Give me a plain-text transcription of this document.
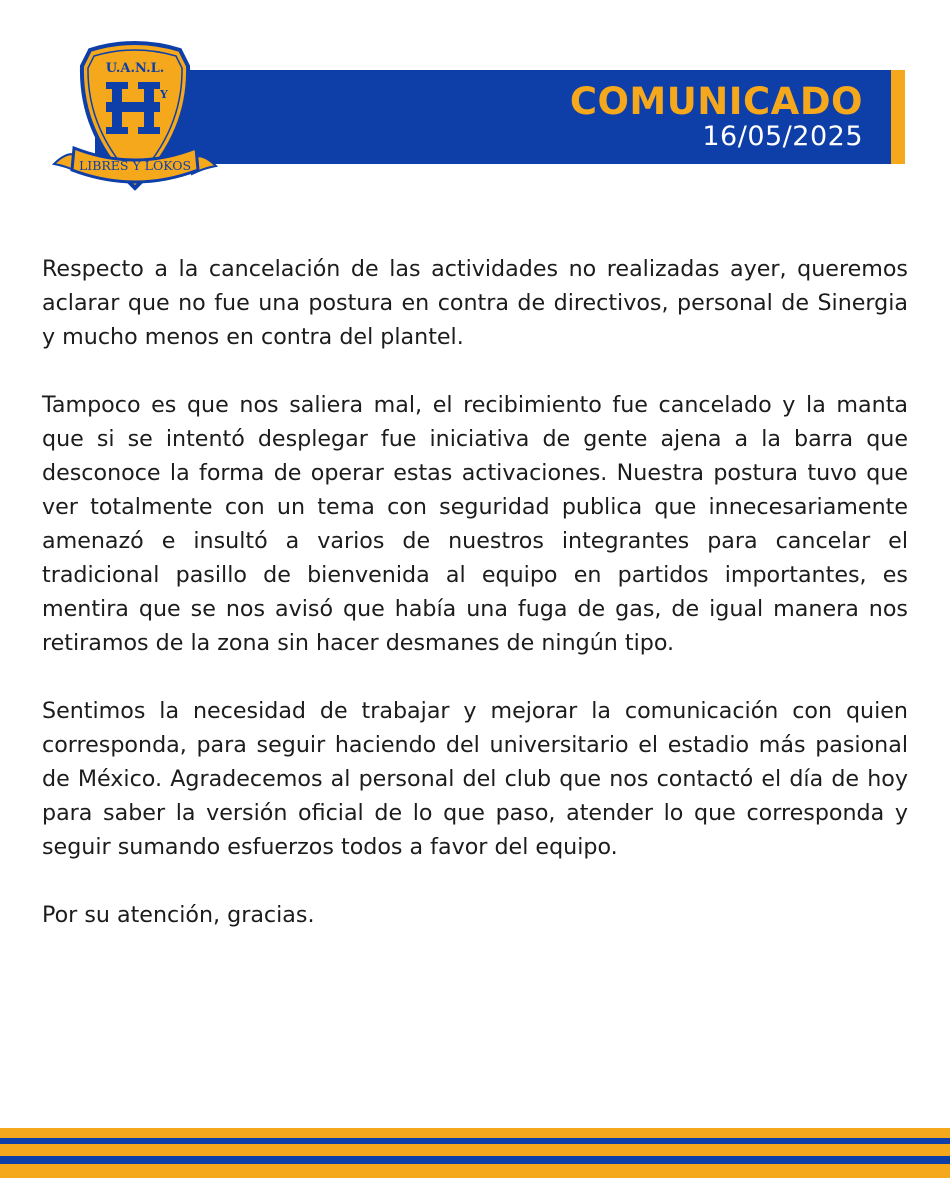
COMUNICADO
16/05/2025
Y
U.A.N.L.
LIBRES Y LOKOS

Respecto a la cancelación de las actividades no realizadas ayer, queremos aclarar que no fue una postura en contra de directivos, personal de Sinergia y mucho menos en contra del plantel.

Tampoco es que nos saliera mal, el recibimiento fue cancelado y la manta que si se intentó desplegar fue iniciativa de gente ajena a la barra que desconoce la forma de operar estas activaciones. Nuestra postura tuvo que ver totalmente con un tema con seguridad publica que innecesariamente amenazó e insultó a varios de nuestros integrantes para cancelar el tradicional pasillo de bienvenida al equipo en partidos importantes, es mentira que se nos avisó que había una fuga de gas, de igual manera nos retiramos de la zona sin hacer desmanes de ningún tipo.

Sentimos la necesidad de trabajar y mejorar la comunicación con quien corresponda, para seguir haciendo del universitario el estadio más pasional de México. Agradecemos al personal del club que nos contactó el día de hoy para saber la versión oficial de lo que paso, atender lo que corresponda y seguir sumando esfuerzos todos a favor del equipo.

Por su atención, gracias.
